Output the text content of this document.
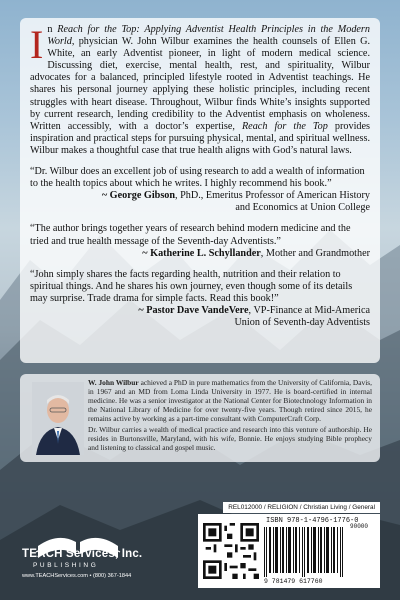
In Reach for the Top: Applying Adventist Health Principles in the Modern World, physician W. John Wilbur examines the health counsels of Ellen G. White, an early Adventist pioneer, in light of modern medical science. Discussing diet, exercise, mental health, rest, and spirituality, Wilbur advocates for a balanced, principled lifestyle rooted in Adventist teachings. He shares his personal journey applying these holistic principles, including recent struggles with heart disease. Throughout, Wilbur finds White’s insights supported by current research, lending credibility to the Adventist emphasis on wholeness. Written accessibly, with a doctor’s expertise, Reach for the Top provides inspiration and practical steps for pursuing physical, mental, and spiritual wellness. Wilbur makes a thoughtful case that true health aligns with God’s natural laws.

“Dr. Wilbur does an excellent job of using research to add a wealth of information to the health topics about which he writes. I highly recommend his book.”

~ George Gibson, PhD., Emeritus Professor of American History

and Economics at Union College

“The author brings together years of research behind modern medicine and the tried and true health message of the Seventh-day Adventists.”

~ Katherine L. Schyllander, Mother and Grandmother

“John simply shares the facts regarding health, nutrition and their relation to spiritual things. And he shares his own journey, even though some of its details may surprise. Trade drama for simple facts. Read this book!”

~ Pastor Dave VandeVere, VP-Finance at Mid-America

Union of Seventh-day Adventists

W. John Wilbur achieved a PhD in pure mathematics from the University of California, Davis, in 1967 and an MD from Loma Linda University in 1977. He is board-certified in internal medicine. He was a senior investigator at the National Center for Biotechnology Information in the National Library of Medicine for over twenty-five years. Though retired since 2015, he remains active by working as a part-time consultant with ComputerCraft Corp.

Dr. Wilbur carries a wealth of medical practice and research into this venture of authorship. He resides in Burtonsville, Maryland, with his wife, Bonnie. He enjoys studying Bible prophecy and listening to classical and gospel music.

REL012000 / RELIGION / Christian Living / General
ISBN 978-1-4796-1776-0
90000
9 781479 617760
TEACH Services, Inc.
PUBLISHING
www.TEACHServices.com • (800) 367-1844
